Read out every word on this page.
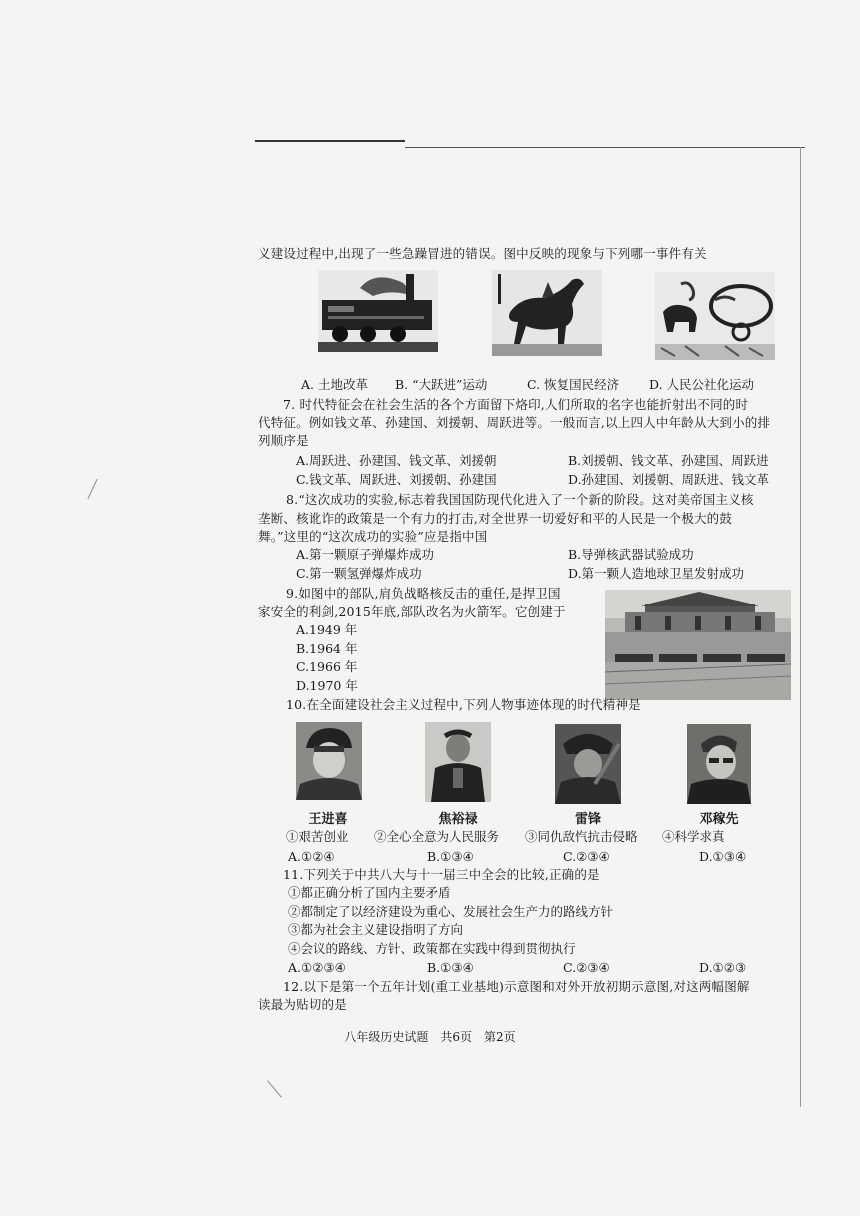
义建设过程中,出现了一些急躁冒进的错误。图中反映的现象与下列哪一事件有关
A. 土地改革 B. “大跃进”运动	C. 恢复国民经济 D. 人民公社化运动
7. 时代特征会在社会生活的各个方面留下烙印,人们所取的名字也能折射出不同的时
代特征。例如钱文革、孙建国、刘援朝、周跃进等。一般而言,以上四人中年龄从大到小的排
列顺序是
A.周跃进、孙建国、钱文革、刘援朝	B.刘援朝、钱文革、孙建国、周跃进
C.钱文革、周跃进、刘援朝、孙建国	D.孙建国、刘援朝、周跃进、钱文革
8.“这次成功的实验,标志着我国国防现代化进入了一个新的阶段。这对美帝国主义核
垄断、核讹诈的政策是一个有力的打击,对全世界一切爱好和平的人民是一个极大的鼓
舞。”这里的“这次成功的实验”应是指中国
A.第一颗原子弹爆炸成功	B.导弹核武器试验成功
C.第一颗氢弹爆炸成功	D.第一颗人造地球卫星发射成功
9.如图中的部队,肩负战略核反击的重任,是捍卫国
家安全的利剑,2015年底,部队改名为火箭军。它创建于
A.1949 年
B.1964 年
C.1966 年
D.1970 年
10.在全面建设社会主义过程中,下列人物事迹体现的时代精神是
王进喜	焦裕禄	雷锋	邓稼先
①艰苦创业 ②全心全意为人民服务 ③同仇敌忾抗击侵略 ④科学求真
A.①②④	B.①③④	C.②③④	D.①③④
11.下列关于中共八大与十一届三中全会的比较,正确的是
①都正确分析了国内主要矛盾
②都制定了以经济建设为重心、发展社会生产力的路线方针
③都为社会主义建设指明了方向
④会议的路线、方针、政策都在实践中得到贯彻执行
A.①②③④	B.①③④	C.②③④	D.①②③
12.以下是第一个五年计划(重工业基地)示意图和对外开放初期示意图,对这两幅图解
读最为贴切的是
八年级历史试题　共6页　第2页
